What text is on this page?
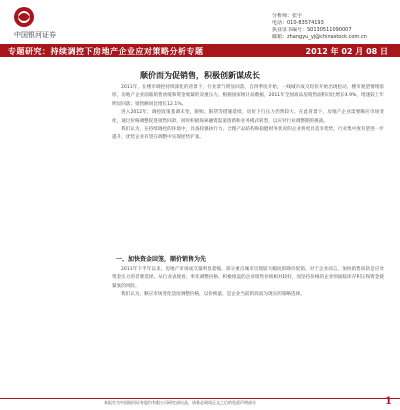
中国银河证券
分析师：张宇
电话：010-83574193
执业证书编号：S0130511090007
邮箱：zhangyu_yj@chinastock.com.cn
专题研究：持续调控下房地产企业应对策略分析专题	2012 年 02 月 08 日
顺价而为促销售，积极创新谋成长

2011年，在楼市调控持续深化的背景下，行业景气明显回落，自四季度开始，一线城市成交均价开始出现松动，楼市观望情绪浓厚，房地产企业面临销售放缓和资金收紧的双重压力。根据国家统计局数据，2011年全国商品房销售面积同比增长4.9%，增速较上年明显回落；销售额同比增长12.1%。

进入2012年，调控政策基调未变，限购、限贷等措施延续，房价下行压力仍然较大。在此背景下，房地产企业需要顺应市场变化，通过价格调整促进销售回款，同时积极探索融资渠道创新和业务模式转型，以应对行业调整期的挑战。

我们认为，在持续调控的环境中，具备较强执行力、合理产品结构和稳健财务状况的企业将更具竞争优势，行业集中度有望进一步提升，优势企业有望在调整中实现逆势扩张。

一、加快资金回笼，顺价销售为先

2011年下半年以来，房地产市场成交量明显萎缩，部分重点城市出现较大幅度的降价促销。对于企业而言，加快销售回款是应对资金压力的首要选择。从行业表现看，率先调整价格、积极推盘的企业销售业绩相对较好，而坚持价格的企业则面临库存积压和资金链紧张的风险。

我们认为，顺应市场变化适度调整价格，以价换量，是企业当前阶段较为现实的策略选择。

本报告为中国银河证券股份有限公司研究部出品，请务必阅读正文之后的免责声明部分	1
